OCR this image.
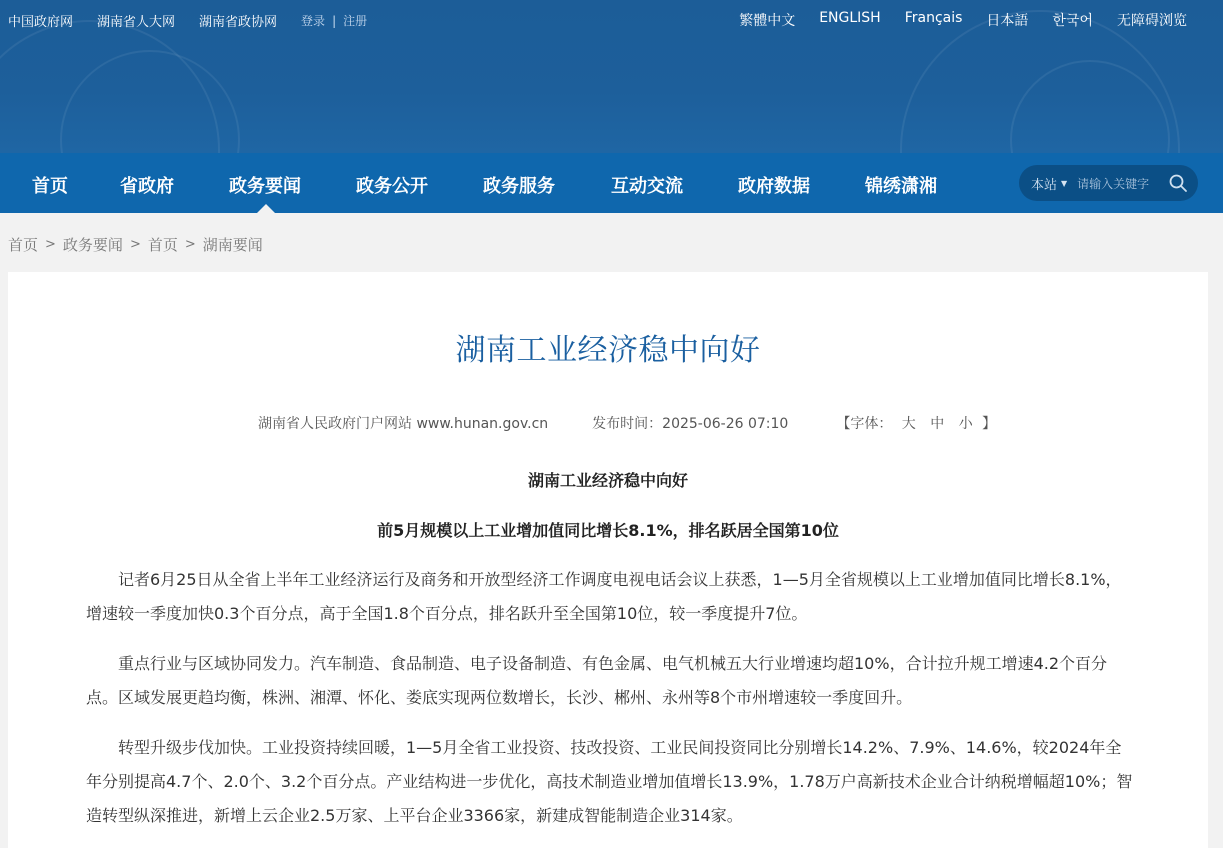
中国政府网 湖南省人大网 湖南省政协网 登录 | 注册	繁體中文 ENGLISH Français 日本語 한국어 无障碍浏览
首页	省政府	政务要闻	政务公开	政务服务	互动交流	政府数据	锦绣潇湘	本站 ▼ 请输入关键字
首页 > 政务要闻 > 首页 > 湖南要闻
湖南工业经济稳中向好
湖南省人民政府门户网站 www.hunan.gov.cn	发布时间：2025-06-26 07:10	【字体： 大 中 小 】
湖南工业经济稳中向好
前5月规模以上工业增加值同比增长8.1%，排名跃居全国第10位

记者6月25日从全省上半年工业经济运行及商务和开放型经济工作调度电视电话会议上获悉，1—5月全省规模以上工业增加值同比增长8.1%，增速较一季度加快0.3个百分点，高于全国1.8个百分点，排名跃升至全国第10位，较一季度提升7位。

重点行业与区域协同发力。汽车制造、食品制造、电子设备制造、有色金属、电气机械五大行业增速均超10%，合计拉升规工增速4.2个百分点。区域发展更趋均衡，株洲、湘潭、怀化、娄底实现两位数增长，长沙、郴州、永州等8个市州增速较一季度回升。

转型升级步伐加快。工业投资持续回暖，1—5月全省工业投资、技改投资、工业民间投资同比分别增长14.2%、7.9%、14.6%，较2024年全年分别提高4.7个、2.0个、3.2个百分点。产业结构进一步优化，高技术制造业增加值增长13.9%，1.78万户高新技术企业合计纳税增幅超10%；智造转型纵深推进，新增上云企业2.5万家、上平台企业3366家，新建成智能制造企业314家。
